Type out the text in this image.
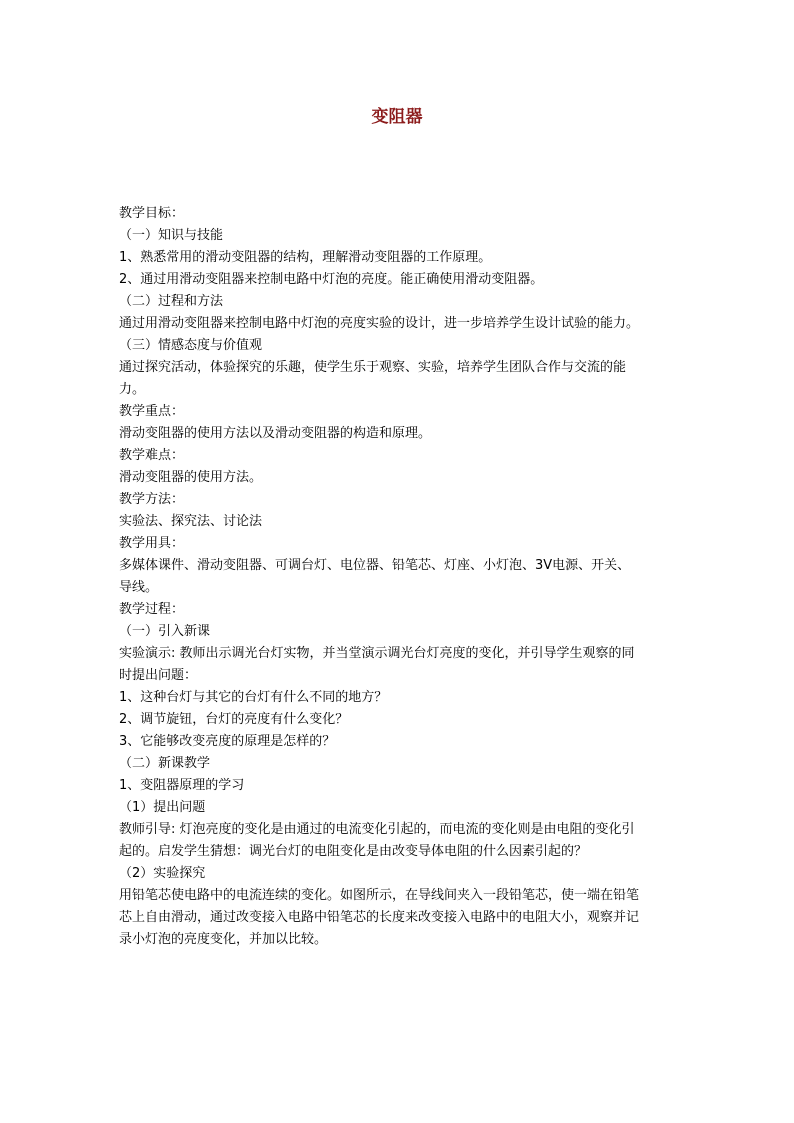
变阻器
教学目标：
（一）知识与技能
1、熟悉常用的滑动变阻器的结构，理解滑动变阻器的工作原理。
2、通过用滑动变阻器来控制电路中灯泡的亮度。能正确使用滑动变阻器。
（二）过程和方法
通过用滑动变阻器来控制电路中灯泡的亮度实验的设计，进一步培养学生设计试验的能力。
（三）情感态度与价值观
通过探究活动，体验探究的乐趣，使学生乐于观察、实验，培养学生团队合作与交流的能
力。
教学重点：
滑动变阻器的使用方法以及滑动变阻器的构造和原理。
教学难点：
滑动变阻器的使用方法。
教学方法：
实验法、探究法、讨论法
教学用具：
多媒体课件、滑动变阻器、可调台灯、电位器、铅笔芯、灯座、小灯泡、3V电源、开关、
导线。
教学过程：
（一）引入新课
实验演示: 教师出示调光台灯实物，并当堂演示调光台灯亮度的变化，并引导学生观察的同
时提出问题：
1、这种台灯与其它的台灯有什么不同的地方？
2、调节旋钮，台灯的亮度有什么变化？
3、它能够改变亮度的原理是怎样的？
（二）新课教学
1、变阻器原理的学习
（1）提出问题
教师引导: 灯泡亮度的变化是由通过的电流变化引起的，而电流的变化则是由电阻的变化引
起的。启发学生猜想：调光台灯的电阻变化是由改变导体电阻的什么因素引起的？
（2）实验探究
用铅笔芯使电路中的电流连续的变化。如图所示，在导线间夹入一段铅笔芯，使一端在铅笔
芯上自由滑动，通过改变接入电路中铅笔芯的长度来改变接入电路中的电阻大小，观察并记
录小灯泡的亮度变化，并加以比较。
